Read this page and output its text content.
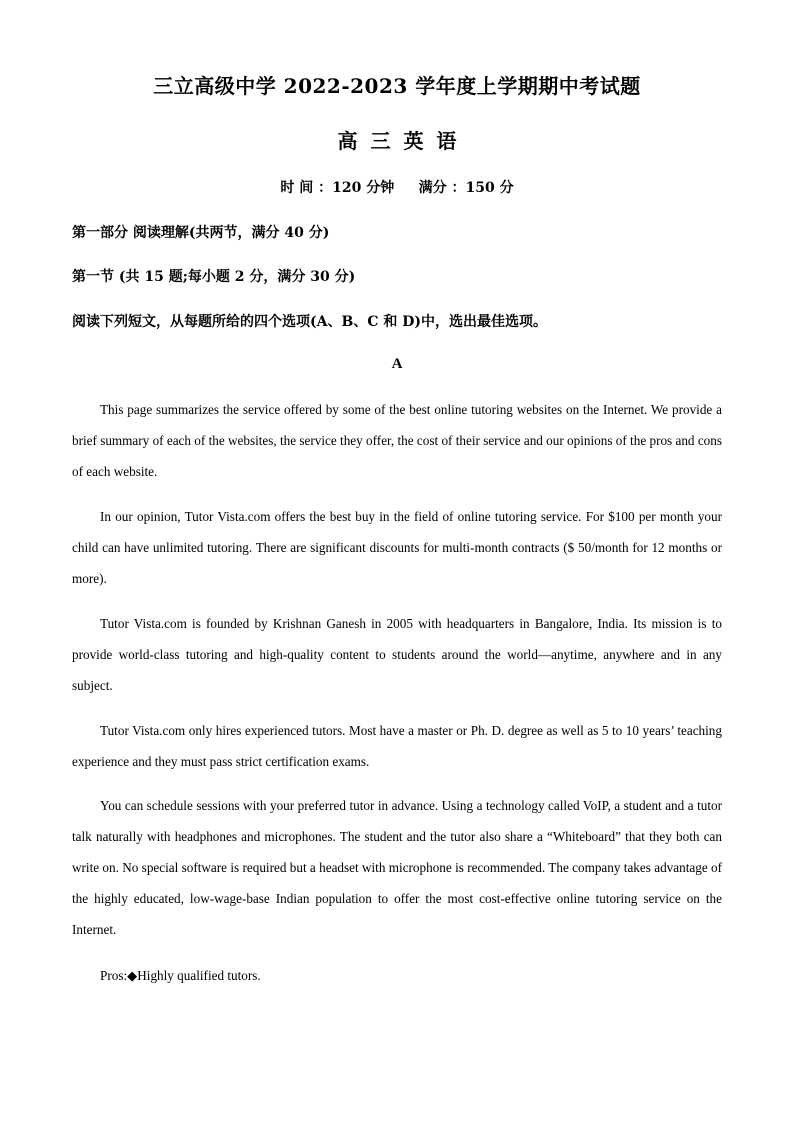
三立高级中学 2022-2023 学年度上学期期中考试题
高 三 英 语
时 间 ：120 分钟     满分 ：150 分
第一部分 阅读理解(共两节，满分 40 分)
第一节 (共 15 题;每小题 2 分，满分 30 分)
阅读下列短文，从每题所给的四个选项(A、B、C 和 D)中，选出最佳选项。
A

This page summarizes the service offered by some of the best online tutoring websites on the Internet. We provide a brief summary of each of the websites, the service they offer, the cost of their service and our opinions of the pros and cons of each website.

In our opinion, Tutor Vista.com offers the best buy in the field of online tutoring service. For $100 per month your child can have unlimited tutoring. There are significant discounts for multi-month contracts ($ 50/month for 12 months or more).

Tutor Vista.com is founded by Krishnan Ganesh in 2005 with headquarters in Bangalore, India. Its mission is to provide world-class tutoring and high-quality content to students around the world—anytime, anywhere and in any subject.

Tutor Vista.com only hires experienced tutors. Most have a master or Ph. D. degree as well as 5 to 10 years’ teaching experience and they must pass strict certification exams.

You can schedule sessions with your preferred tutor in advance. Using a technology called VoIP, a student and a tutor talk naturally with headphones and microphones. The student and the tutor also share a “Whiteboard” that they both can write on. No special software is required but a headset with microphone is recommended. The company takes advantage of the highly educated, low-wage-base Indian population to offer the most cost-effective online tutoring service on the Internet.

Pros:◆Highly qualified tutors.
